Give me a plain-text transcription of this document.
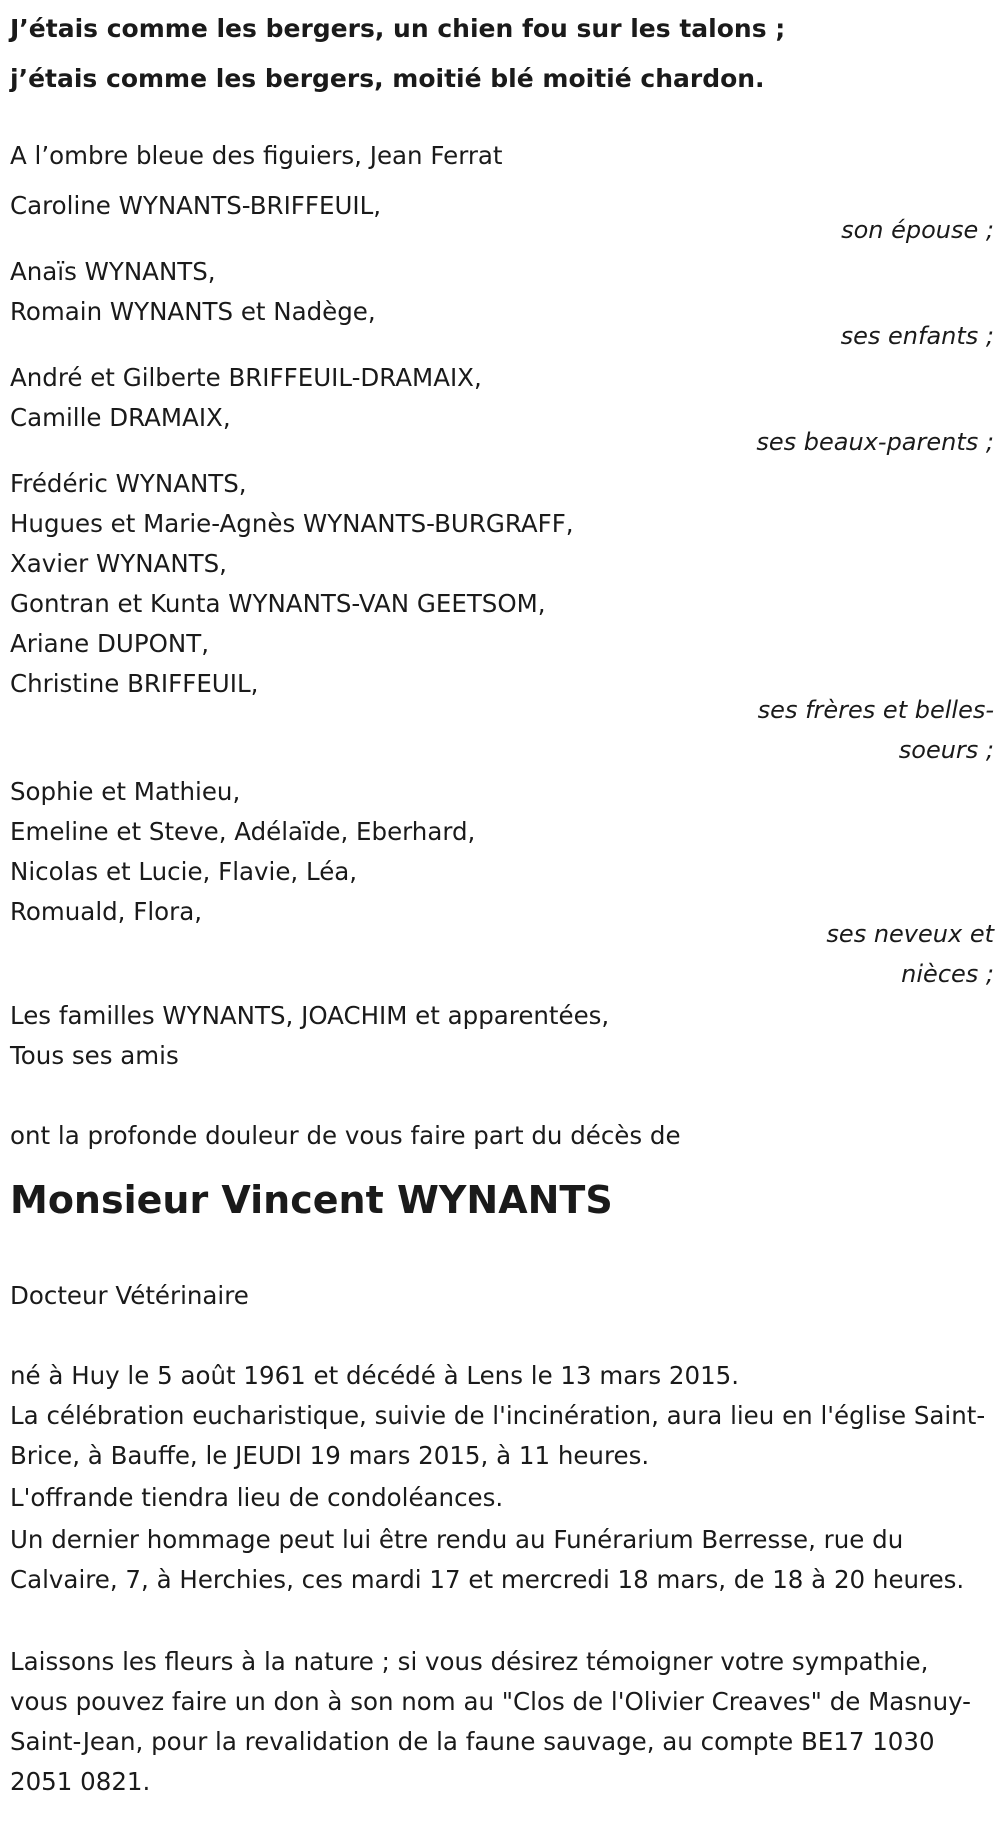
J’étais comme les bergers, un chien fou sur les talons ;
j’étais comme les bergers, moitié blé moitié chardon.
A l’ombre bleue des figuiers, Jean Ferrat
Caroline WYNANTS-BRIFFEUIL,
son épouse ;
Anaïs WYNANTS,
Romain WYNANTS et Nadège,
ses enfants ;
André et Gilberte BRIFFEUIL-DRAMAIX,
Camille DRAMAIX,
ses beaux-parents ;
Frédéric WYNANTS,
Hugues et Marie-Agnès WYNANTS-BURGRAFF,
Xavier WYNANTS,
Gontran et Kunta WYNANTS-VAN GEETSOM,
Ariane DUPONT,
Christine BRIFFEUIL,
ses frères et belles-
soeurs ;
Sophie et Mathieu,
Emeline et Steve, Adélaïde, Eberhard,
Nicolas et Lucie, Flavie, Léa,
Romuald, Flora,
ses neveux et
nièces ;
Les familles WYNANTS, JOACHIM et apparentées,
Tous ses amis
ont la profonde douleur de vous faire part du décès de
Monsieur Vincent WYNANTS
Docteur Vétérinaire
né à Huy le 5 août 1961 et décédé à Lens le 13 mars 2015.
La célébration eucharistique, suivie de l'incinération, aura lieu en l'église Saint-Brice, à Bauffe, le JEUDI 19 mars 2015, à 11 heures.
L'offrande tiendra lieu de condoléances.
Un dernier hommage peut lui être rendu au Funérarium Berresse, rue du Calvaire, 7, à Herchies, ces mardi 17 et mercredi 18 mars, de 18 à 20 heures.
Laissons les fleurs à la nature ; si vous désirez témoigner votre sympathie, vous pouvez faire un don à son nom au "Clos de l'Olivier Creaves" de Masnuy-Saint-Jean, pour la revalidation de la faune sauvage, au compte BE17 1030 2051 0821.
